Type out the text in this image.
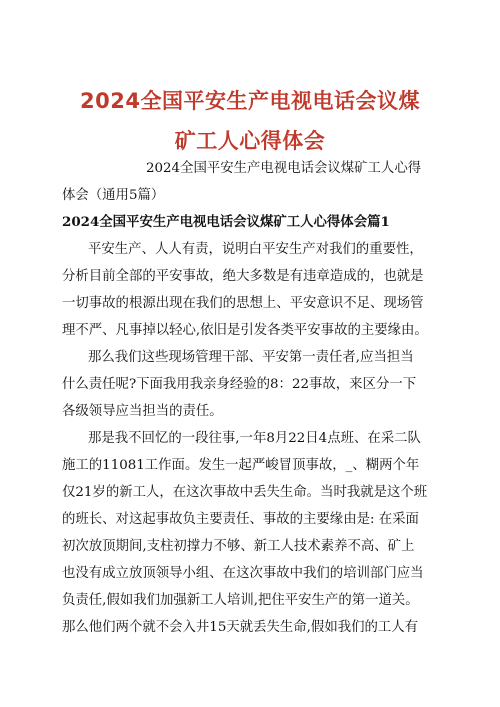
2024全国平安生产电视电话会议煤
矿工人心得体会

2024全国平安生产电视电话会议煤矿工人心得

体会（通用5篇）

2024全国平安生产电视电话会议煤矿工人心得体会篇1

平安生产、人人有责，说明白平安生产对我们的重要性，

分析目前全部的平安事故，绝大多数是有违章造成的，也就是

一切事故的根源出现在我们的思想上、平安意识不足、现场管

理不严、凡事掉以轻心,依旧是引发各类平安事故的主要缘由。

那么我们这些现场管理干部、平安第一责任者,应当担当

什么责任呢?下面我用我亲身经验的8：22事故，来区分一下

各级领导应当担当的责任。

那是我不回忆的一段往事,一年8月22日4点班、在采二队

施工的11081工作面。发生一起严峻冒顶事故，_、糊两个年

仅21岁的新工人，在这次事故中丢失生命。当时我就是这个班

的班长、对这起事故负主要责任、事故的主要缘由是: 在采面

初次放顶期间,支柱初撑力不够、新工人技术素养不高、矿上

也没有成立放顶领导小组、在这次事故中我们的培训部门应当

负责任,假如我们加强新工人培训,把住平安生产的第一道关。

那么他们两个就不会入井15天就丢失生命,假如我们的工人有
